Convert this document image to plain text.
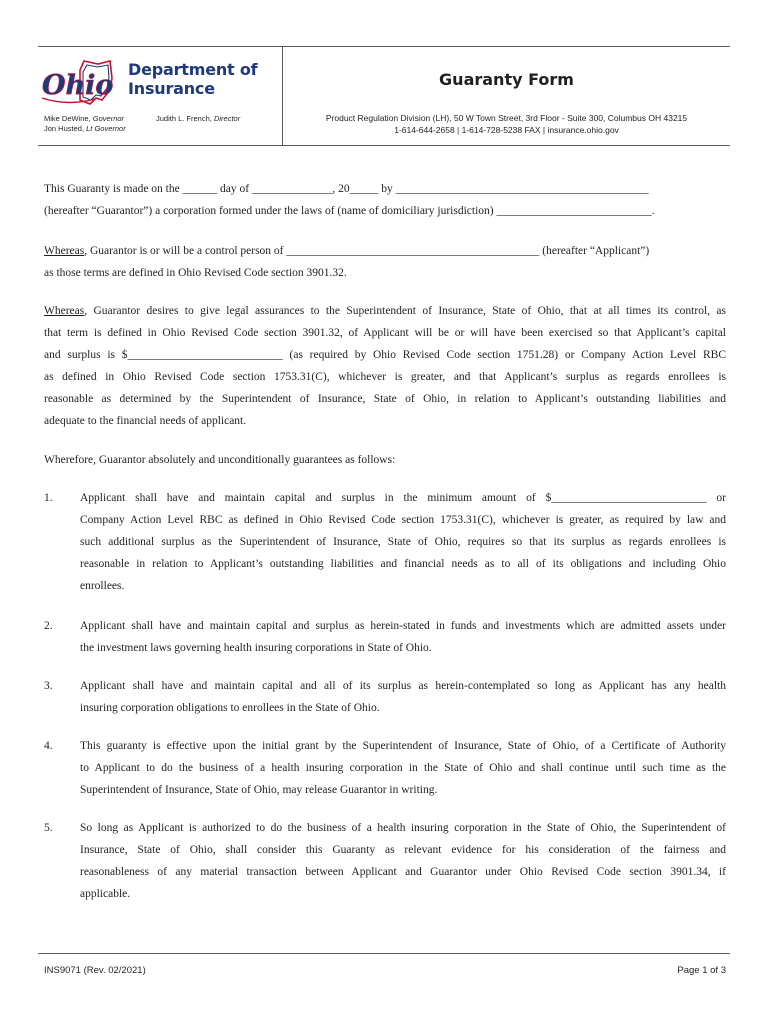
Ohio
Department of
Insurance
Mike DeWine, Governor
Jon Husted, Lt Governor
Judith L. French, Director
Guaranty Form
Product Regulation Division (LH), 50 W Town Street, 3rd Floor - Suite 300, Columbus OH 43215
1-614-644-2658 | 1-614-728-5238 FAX | insurance.ohio.gov
This Guaranty is made on the ______ day of ______________, 20_____ by ____________________________________________
(hereafter “Guarantor”) a corporation formed under the laws of (name of domiciliary jurisdiction) ___________________________.
Whereas, Guarantor is or will be a control person of ____________________________________________ (hereafter “Applicant”)
as those terms are defined in Ohio Revised Code section 3901.32.
Whereas, Guarantor desires to give legal assurances to the Superintendent of Insurance, State of Ohio, that at all times its control, as
that term is defined in Ohio Revised Code section 3901.32, of Applicant will be or will have been exercised so that Applicant’s capital
and surplus is $___________________________ (as required by Ohio Revised Code section 1751.28) or Company Action Level RBC
as defined in Ohio Revised Code section 1753.31(C), whichever is greater, and that Applicant’s surplus as regards enrollees is
reasonable as determined by the Superintendent of Insurance, State of Ohio, in relation to Applicant’s outstanding liabilities and
adequate to the financial needs of applicant.
Wherefore, Guarantor absolutely and unconditionally guarantees as follows:
1.	Applicant shall have and maintain capital and surplus in the minimum amount of $___________________________ or
Company Action Level RBC as defined in Ohio Revised Code section 1753.31(C), whichever is greater, as required by law and
such additional surplus as the Superintendent of Insurance, State of Ohio, requires so that its surplus as regards enrollees is
reasonable in relation to Applicant’s outstanding liabilities and financial needs as to all of its obligations and including Ohio
enrollees.
2.	Applicant shall have and maintain capital and surplus as herein-stated in funds and investments which are admitted assets under
the investment laws governing health insuring corporations in State of Ohio.
3.	Applicant shall have and maintain capital and all of its surplus as herein-contemplated so long as Applicant has any health
insuring corporation obligations to enrollees in the State of Ohio.
4.	This guaranty is effective upon the initial grant by the Superintendent of Insurance, State of Ohio, of a Certificate of Authority
to Applicant to do the business of a health insuring corporation in the State of Ohio and shall continue until such time as the
Superintendent of Insurance, State of Ohio, may release Guarantor in writing.
5.	So long as Applicant is authorized to do the business of a health insuring corporation in the State of Ohio, the Superintendent of
Insurance, State of Ohio, shall consider this Guaranty as relevant evidence for his consideration of the fairness and
reasonableness of any material transaction between Applicant and Guarantor under Ohio Revised Code section 3901.34, if
applicable.
INS9071 (Rev. 02/2021)	Page 1 of 3
